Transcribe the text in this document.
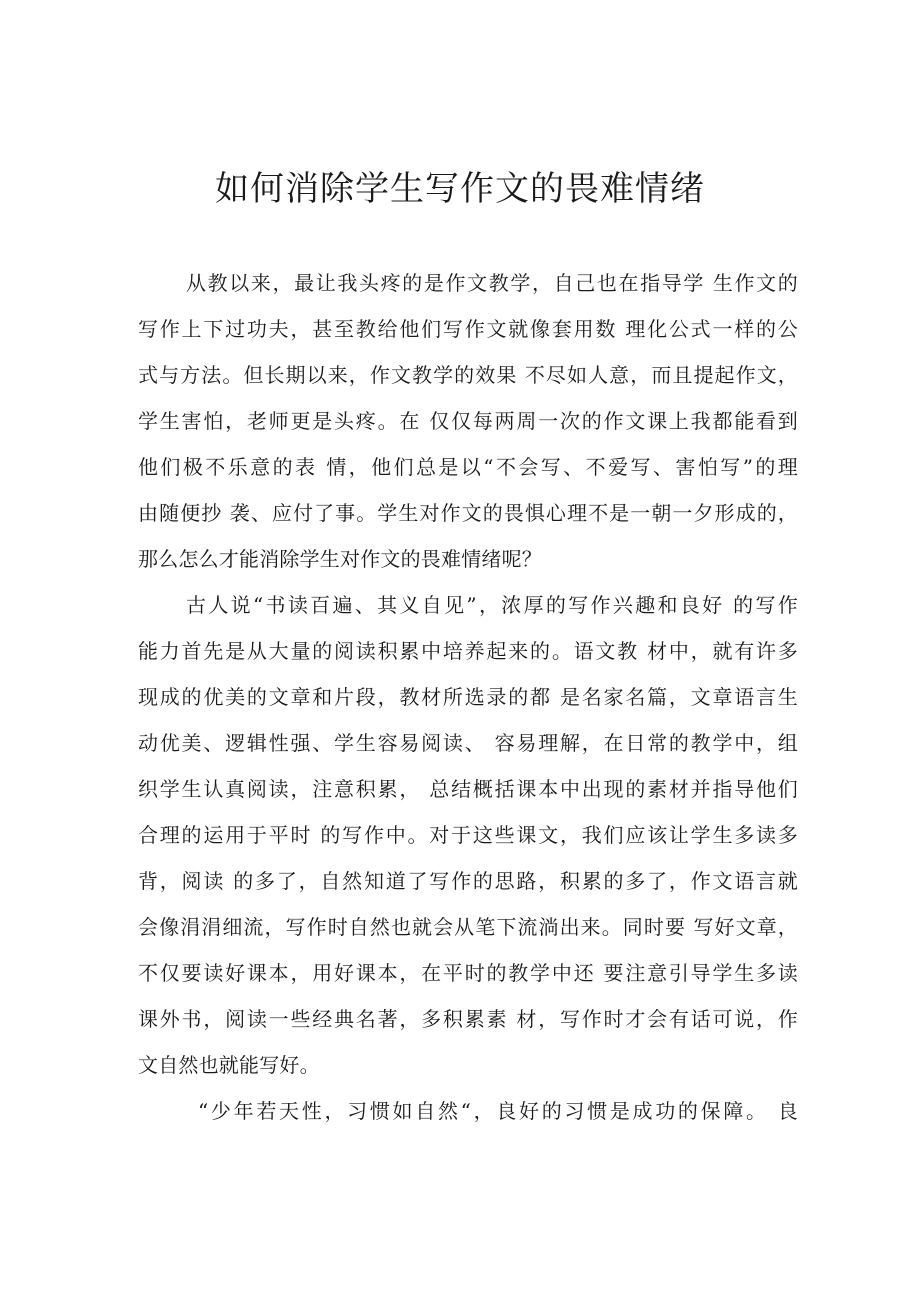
如何消除学生写作文的畏难情绪
从教以来，最让我头疼的是作文教学，自己也在指导学 生作文的
写作上下过功夫，甚至教给他们写作文就像套用数 理化公式一样的公
式与方法。但长期以来，作文教学的效果 不尽如人意，而且提起作文，
学生害怕，老师更是头疼。在 仅仅每两周一次的作文课上我都能看到
他们极不乐意的表 情，他们总是以“不会写、不爱写、害怕写”的理
由随便抄 袭、应付了事。学生对作文的畏惧心理不是一朝一夕形成的，
那么怎么才能消除学生对作文的畏难情绪呢？
古人说“书读百遍、其义自见”，浓厚的写作兴趣和良好 的写作
能力首先是从大量的阅读积累中培养起来的。语文教 材中，就有许多
现成的优美的文章和片段，教材所选录的都 是名家名篇，文章语言生
动优美、逻辑性强、学生容易阅读、 容易理解，在日常的教学中，组
织学生认真阅读，注意积累， 总结概括课本中出现的素材并指导他们
合理的运用于平时 的写作中。对于这些课文，我们应该让学生多读多
背，阅读 的多了，自然知道了写作的思路，积累的多了，作文语言就
会像涓涓细流，写作时自然也就会从笔下流淌出来。同时要 写好文章，
不仅要读好课本，用好课本，在平时的教学中还 要注意引导学生多读
课外书，阅读一些经典名著，多积累素 材，写作时才会有话可说，作
文自然也就能写好。
“少年若天性，习惯如自然“，良好的习惯是成功的保障。 良
